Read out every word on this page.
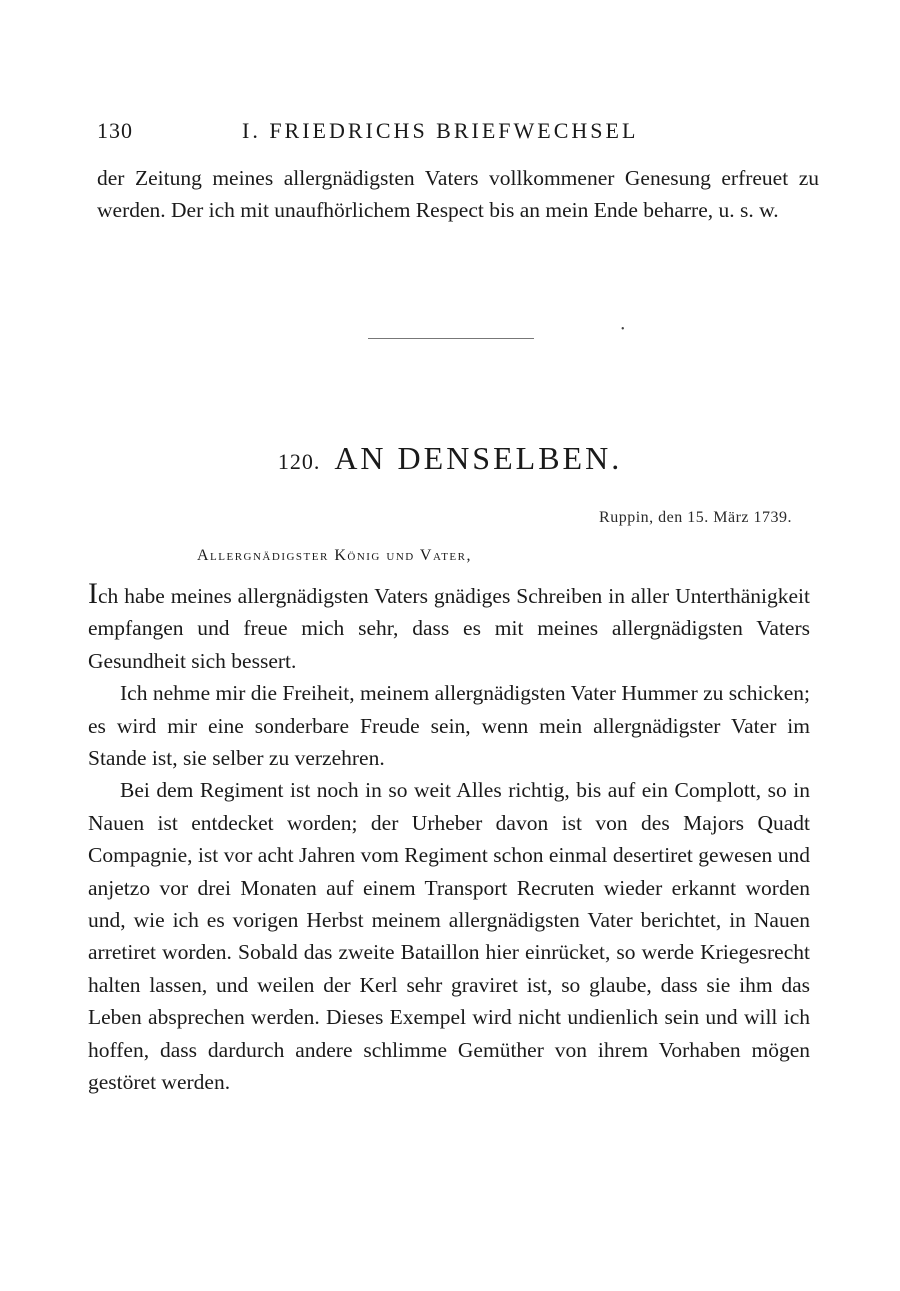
130	I. FRIEDRICHS BRIEFWECHSEL

der Zeitung meines allergnädigsten Vaters vollkommener Genesung erfreuet zu werden. Der ich mit unaufhörlichem Respect bis an mein Ende beharre, u. s. w.

•
120. AN DENSELBEN.
Ruppin, den 15. März 1739.
Allergnädigster König und Vater,

Ich habe meines allergnädigsten Vaters gnädiges Schreiben in aller Unterthänigkeit empfangen und freue mich sehr, dass es mit meines allergnädigsten Vaters Gesundheit sich bessert.

Ich nehme mir die Freiheit, meinem allergnädigsten Vater Hummer zu schicken; es wird mir eine sonderbare Freude sein, wenn mein allergnädigster Vater im Stande ist, sie selber zu verzehren.

Bei dem Regiment ist noch in so weit Alles richtig, bis auf ein Complott, so in Nauen ist entdecket worden; der Urheber davon ist von des Majors Quadt Compagnie, ist vor acht Jahren vom Regiment schon einmal desertiret gewesen und anjetzo vor drei Monaten auf einem Transport Recruten wieder erkannt worden und, wie ich es vorigen Herbst meinem allergnädigsten Vater berichtet, in Nauen arretiret worden. Sobald das zweite Bataillon hier einrücket, so werde Kriegesrecht halten lassen, und weilen der Kerl sehr graviret ist, so glaube, dass sie ihm das Leben absprechen werden. Dieses Exempel wird nicht undienlich sein und will ich hoffen, dass dardurch andere schlimme Gemüther von ihrem Vorhaben mögen gestöret werden.
